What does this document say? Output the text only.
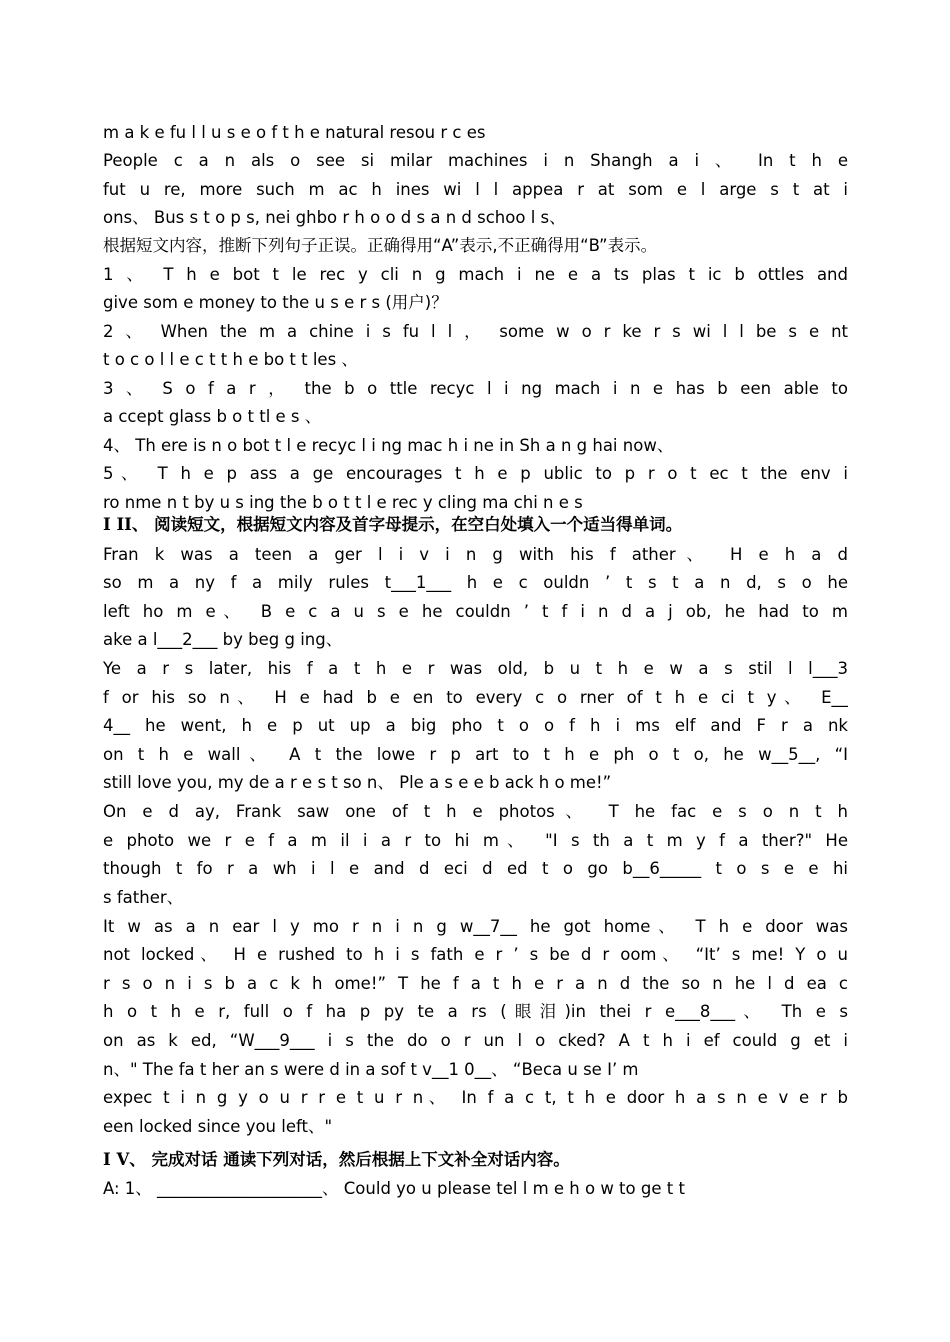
m a k e fu l l u s e o f t h e natural resou r c es
People c a n als o see si milar machines i n Shangh a i 、 In t h e
fut u re, more such m ac h ines wi l l appea r at som e l arge s t at i
ons、 Bus s t o p s, nei ghbo r h o o d s a n d schoo l s、
根据短文内容，推断下列句子正误。正确得用“A”表示,不正确得用“B”表示。
1 、 T h e bot t le rec y cli n g mach i ne e a ts plas t ic b ottles and
give som e money to the u s e r s (用户)？
2 、 When the m a chine i s fu l l ， some w o r ke r s wi l l be s e nt
t o c o l l e c t t h e bo t t les 、
3 、 S o f a r ， the b o ttle recyc l i ng mach i n e has b een able to
a ccept glass b o t tl e s 、
4、 Th ere is n o bot t l e recyc l i ng mac h i ne in Sh a n g hai now、
5、 T h e p ass a ge encourages t h e p ublic to p r o t ec t the env i
ro nme n t by u s ing the b o t t l e rec y cling ma chi n e s
I II、 阅读短文，根据短文内容及首字母提示，在空白处填入一个适当得单词。
Fran k was a teen a ger l i v i n g with his f ather、 H e h a d
so m a ny f a mily rules t___1___ h e c ouldn ’ t s t a n d, s o he
left ho m e、 B e c a u s e he couldn ’ t f i n d a j ob, he had to m
ake a l___2___ by beg g ing、
Ye a r s later, his f a t h e r was old, b u t h e w a s stil l l___3
f or his so n、 H e had b e en to every c o rner of t h e ci t y、 E__
4__ he went, h e p ut up a big pho t o o f h i ms elf and F r a nk
on t h e wall、 A t the lowe r p art to t h e ph o t o, he w__5__, “I
still love you, my de a r e s t so n、 Ple a s e e b ack h o me!”
On e d ay, Frank saw one of t h e photos、 T he fac e s o n t h
e photo we r e f a m il i a r to hi m、 "I s th a t m y f a ther?" He
though t fo r a wh i l e and d eci d ed t o go b__6_____ t o s e e hi
s father、
It w as a n ear l y mo r n i n g w__7__ he got home、 T h e door was
not locked、 H e rushed to h i s fath e r ’ s be d r oom、 “It’ s me! Y o u
r s o n i s b a c k h ome!” T he f a t h e r a n d the so n he l d ea c
h o t h e r, full o f ha p py te a rs (眼泪)in thei r e___8___、 Th e s
on as k ed, “W___9___ i s the do o r un l o cked? A t h i ef could g et i
n、" The fa t her an s were d in a sof t v__1 0__、 “Beca u se I’ m
expec t i n g y o u r r e t u r n、 In f a c t, t h e door h a s n e v e r b
een locked since you left、"
I V、 完成对话 通读下列对话，然后根据上下文补全对话内容。
A: 1、 ____________________、 Could yo u please tel l m e h o w to ge t t
